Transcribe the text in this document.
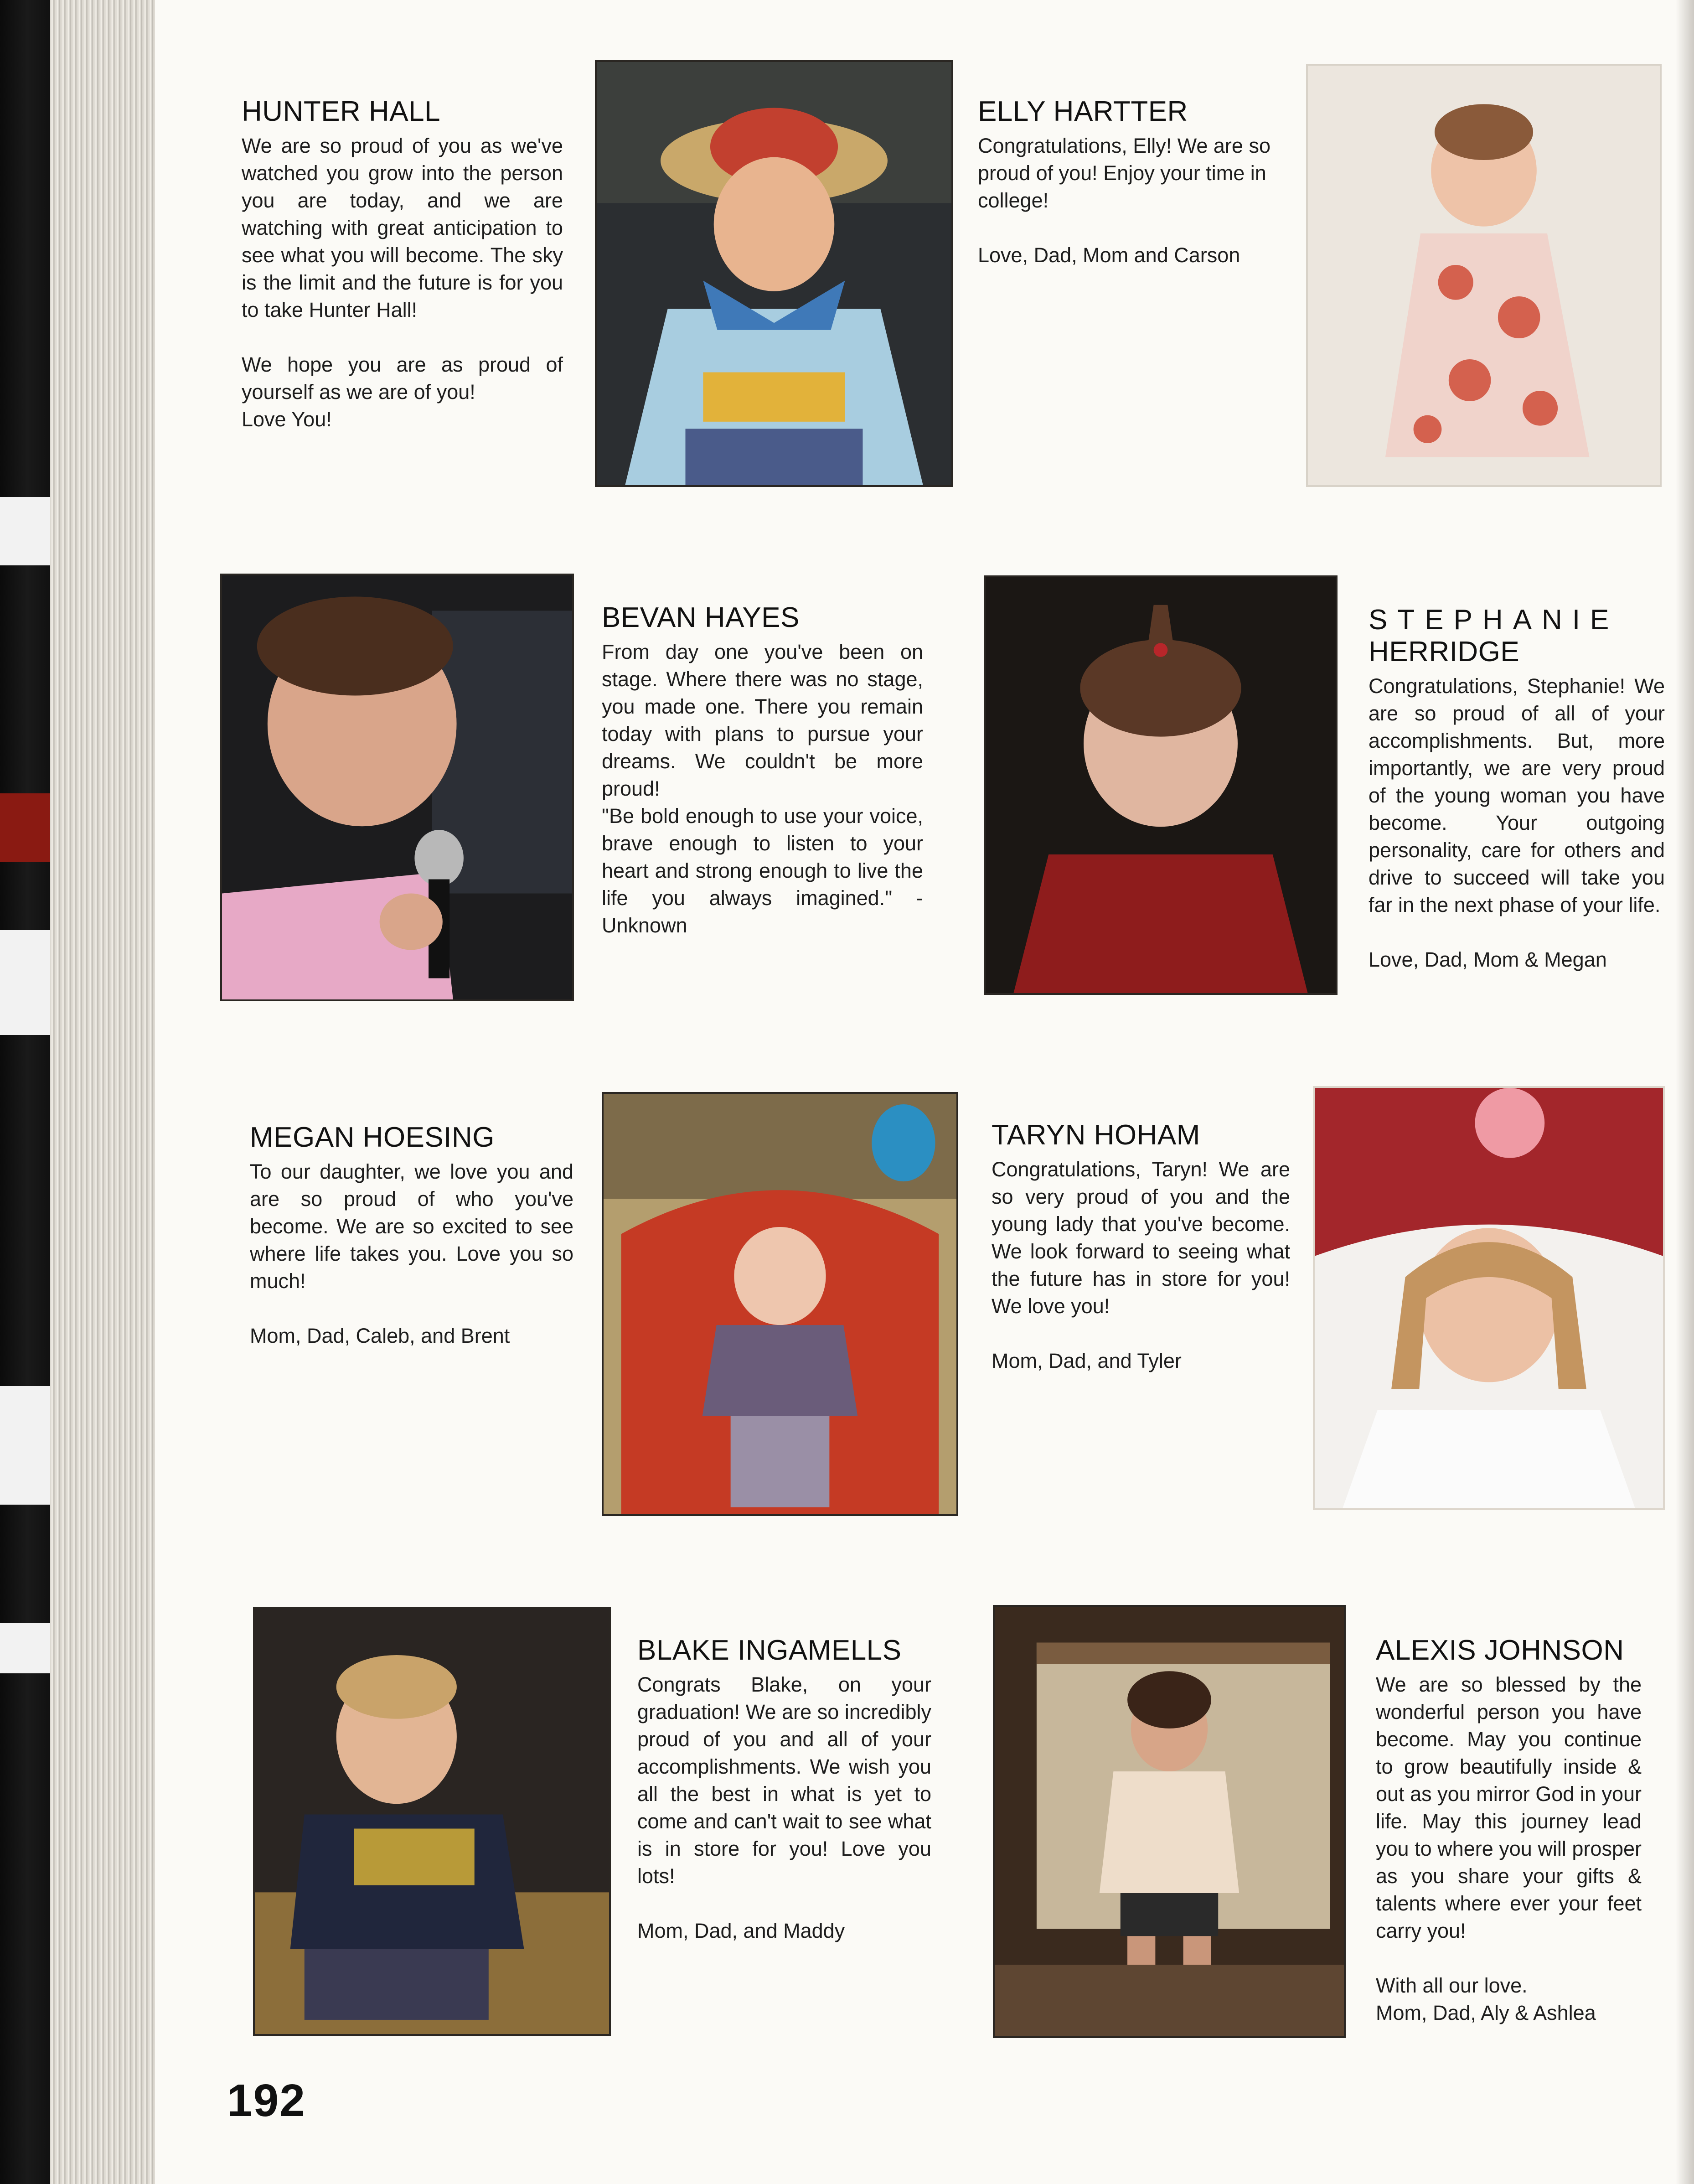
HUNTER HALL

We are so proud of you as we've watched you grow into the person you are today, and we are watching with great anticipation to see what you will become. The sky is the limit and the future is for you to take Hunter Hall!

We hope you are as proud of yourself as we are of you!

Love You!

ELLY HARTTER

Congratulations, Elly! We are so proud of you! Enjoy your time in college!

Love, Dad, Mom and Carson

BEVAN HAYES

From day one you've been on stage. Where there was no stage, you made one. There you remain today with plans to pursue your dreams. We couldn't be more proud!

"Be bold enough to use your voice, brave enough to listen to your heart and strong enough to live the life you always imagined." - Unknown

STEPHANIE

HERRIDGE

Congratulations, Stephanie! We are so proud of all of your accomplishments. But, more importantly, we are very proud of the young woman you have become. Your outgoing personality, care for others and drive to succeed will take you far in the next phase of your life.

Love, Dad, Mom & Megan

MEGAN HOESING

To our daughter, we love you and are so proud of who you've become. We are so excited to see where life takes you. Love you so much!

Mom, Dad, Caleb, and Brent

TARYN HOHAM

Congratulations, Taryn! We are so very proud of you and the young lady that you've become. We look forward to seeing what the future has in store for you! We love you!

Mom, Dad, and Tyler

BLAKE INGAMELLS

Congrats Blake, on your graduation! We are so incredibly proud of you and all of your accomplishments. We wish you all the best in what is yet to come and can't wait to see what is in store for you! Love you lots!

Mom, Dad, and Maddy

ALEXIS JOHNSON

We are so blessed by the wonderful person you have become. May you continue to grow beautifully inside & out as you mirror God in your life. May this journey lead you to where you will prosper as you share your gifts & talents where ever your feet carry you!

With all our love.

Mom, Dad, Aly & Ashlea

192
